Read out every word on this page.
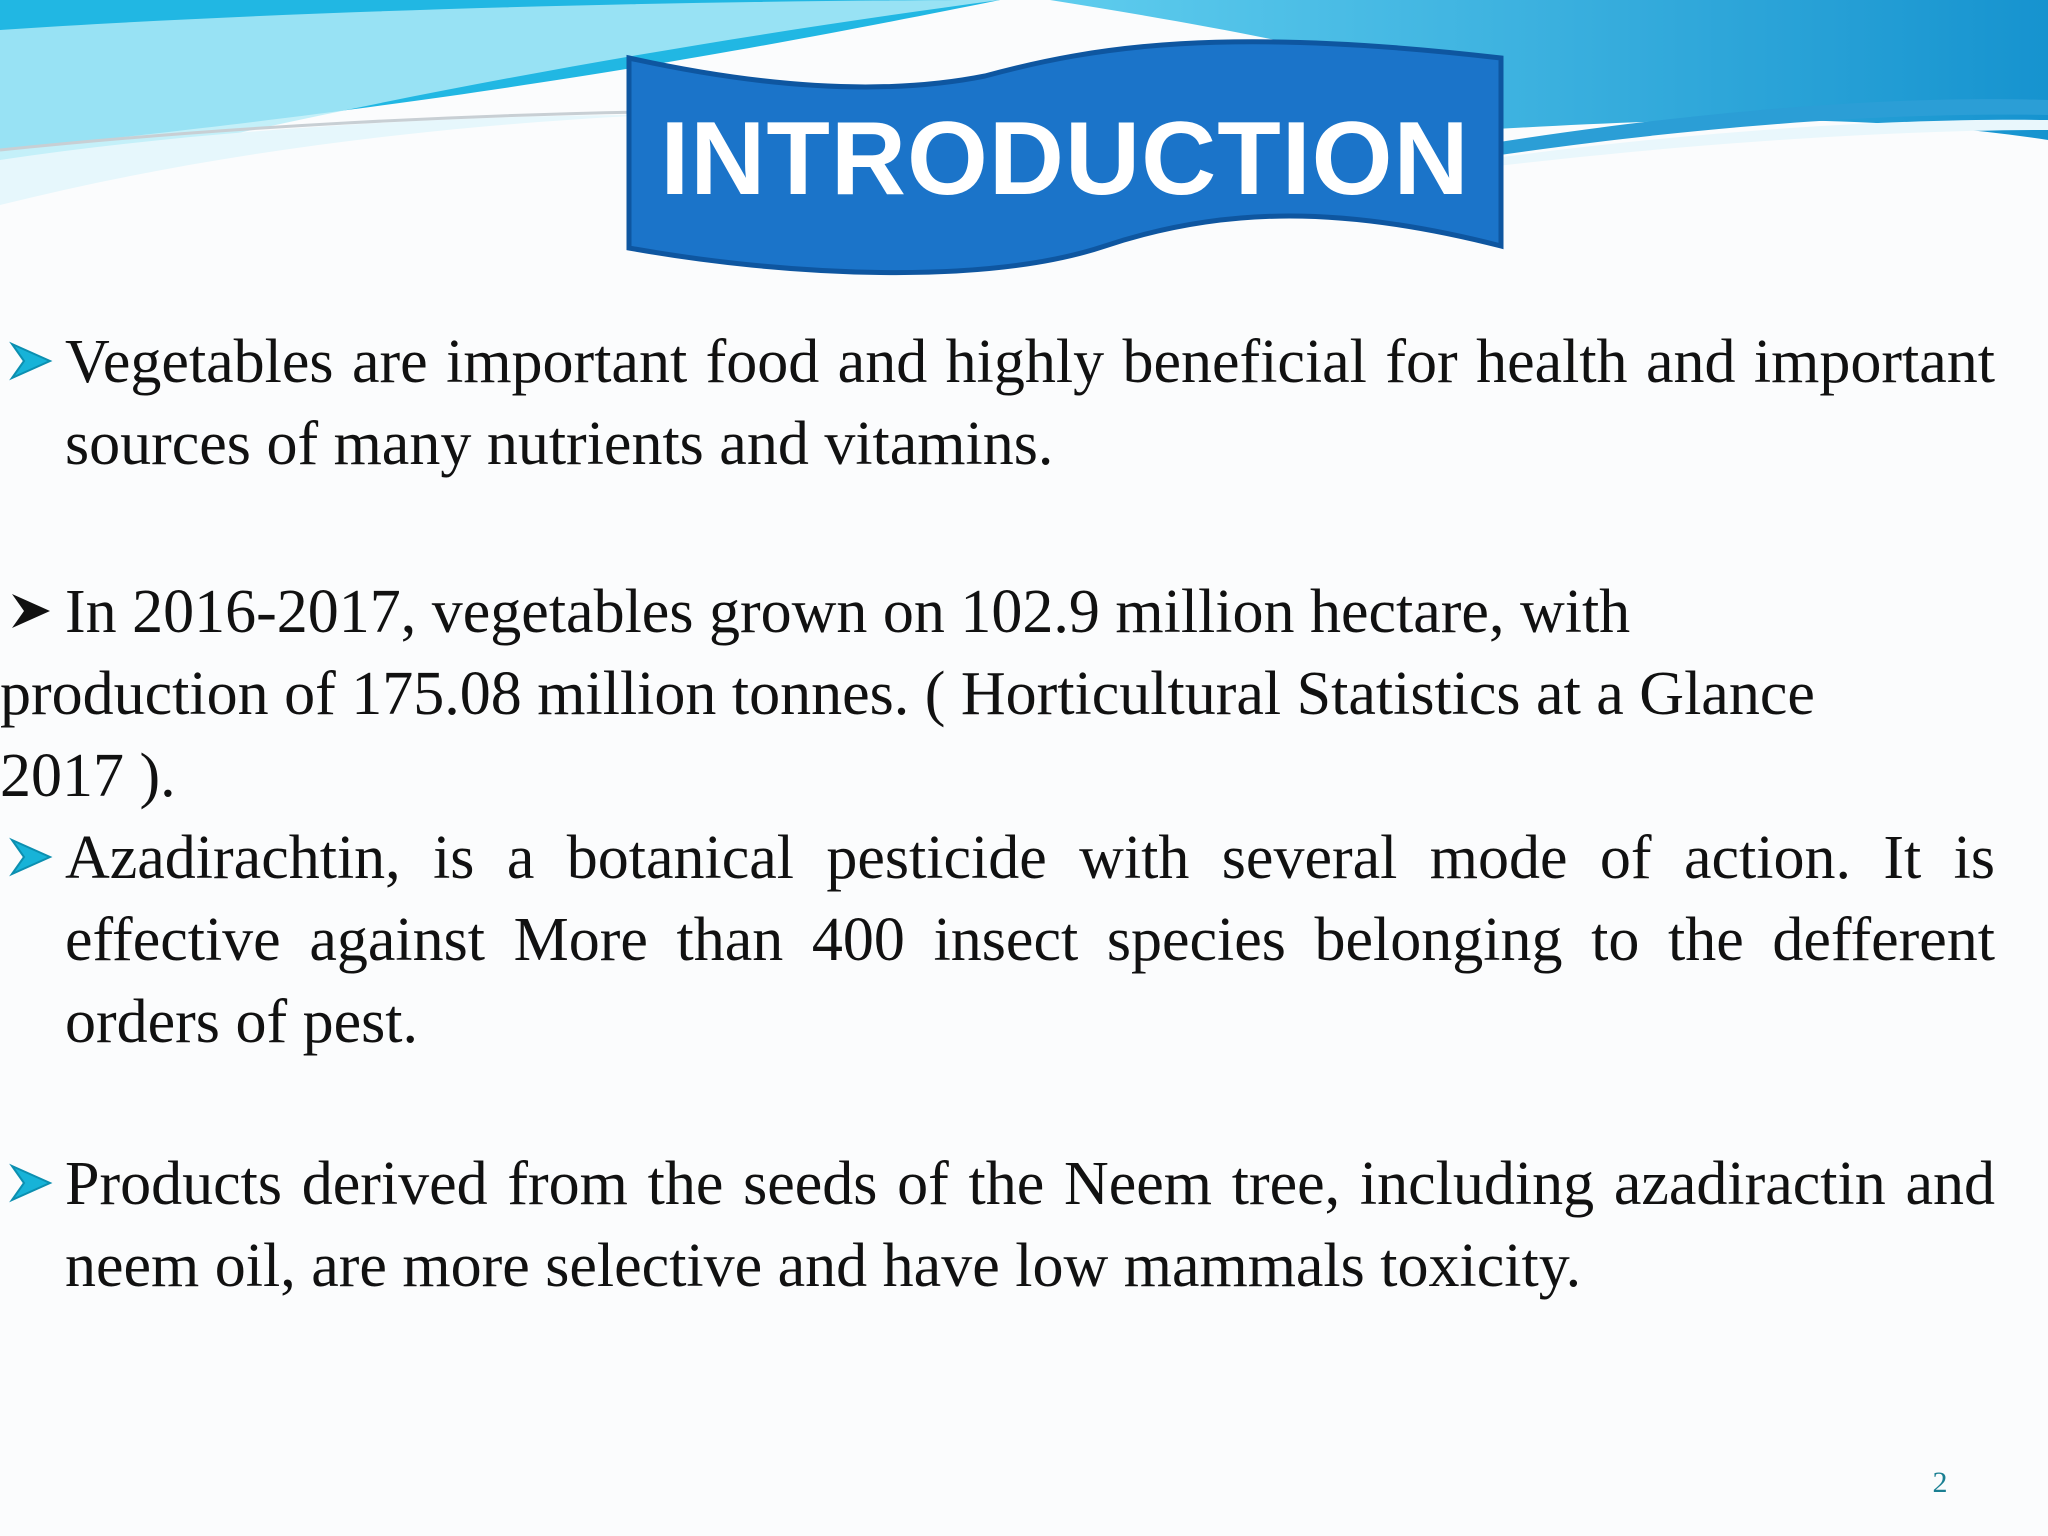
INTRODUCTION
Vegetables are important food and highly beneficial for health and important sources of many nutrients and vitamins.
In 2016-2017, vegetables grown on 102.9 million hectare, with production of 175.08 million tonnes. ( Horticultural Statistics at a Glance 2017 ).
Azadirachtin, is a botanical pesticide with several mode of action. It is effective against More than 400 insect species belonging to the defferent orders of pest.
Products derived from the seeds of the Neem tree, including azadiractin and neem oil, are more selective and have low mammals toxicity.
2
